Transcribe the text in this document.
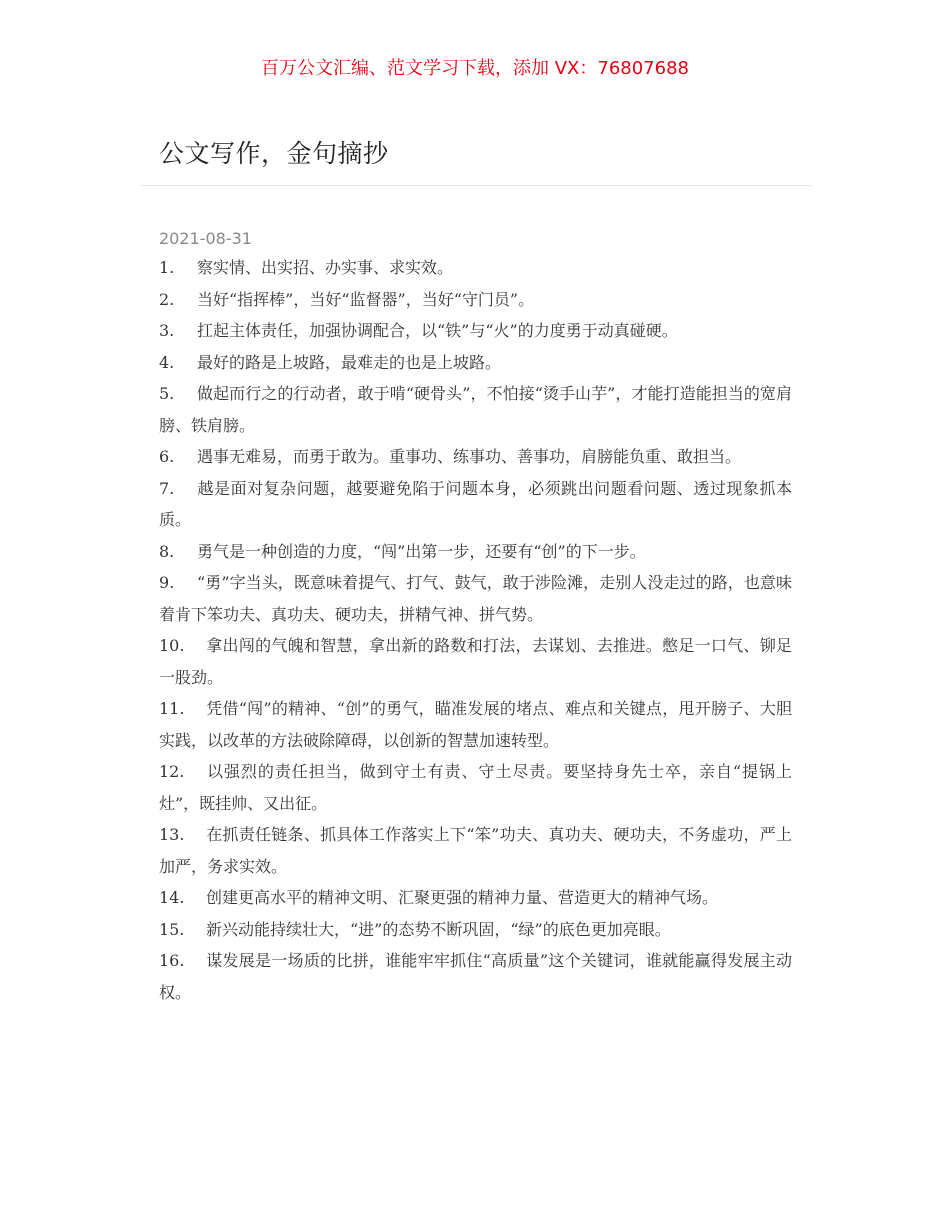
百万公文汇编、范文学习下载，添加 VX：76807688
公文写作，金句摘抄
2021-08-31
1. 察实情、出实招、办实事、求实效。
2. 当好“指挥棒”，当好“监督器”，当好“守门员”。
3. 扛起主体责任，加强协调配合，以“铁”与“火”的力度勇于动真碰硬。
4. 最好的路是上坡路，最难走的也是上坡路。
5. 做起而行之的行动者，敢于啃“硬骨头”，不怕接“烫手山芋”，才能打造能担当的宽肩膀、铁肩膀。
6. 遇事无难易，而勇于敢为。重事功、练事功、善事功，肩膀能负重、敢担当。
7. 越是面对复杂问题，越要避免陷于问题本身，必须跳出问题看问题、透过现象抓本质。
8. 勇气是一种创造的力度，“闯”出第一步，还要有“创”的下一步。
9. “勇”字当头，既意味着提气、打气、鼓气，敢于涉险滩，走别人没走过的路，也意味着肯下笨功夫、真功夫、硬功夫，拼精气神、拼气势。
10. 拿出闯的气魄和智慧，拿出新的路数和打法，去谋划、去推进。憋足一口气、铆足一股劲。
11. 凭借“闯”的精神、“创”的勇气，瞄准发展的堵点、难点和关键点，甩开膀子、大胆实践，以改革的方法破除障碍，以创新的智慧加速转型。
12. 以强烈的责任担当，做到守土有责、守土尽责。要坚持身先士卒，亲自“提锅上灶”，既挂帅、又出征。
13. 在抓责任链条、抓具体工作落实上下“笨”功夫、真功夫、硬功夫，不务虚功，严上加严，务求实效。
14. 创建更高水平的精神文明、汇聚更强的精神力量、营造更大的精神气场。
15. 新兴动能持续壮大，“进”的态势不断巩固，“绿”的底色更加亮眼。
16. 谋发展是一场质的比拼，谁能牢牢抓住“高质量”这个关键词，谁就能赢得发展主动权。
